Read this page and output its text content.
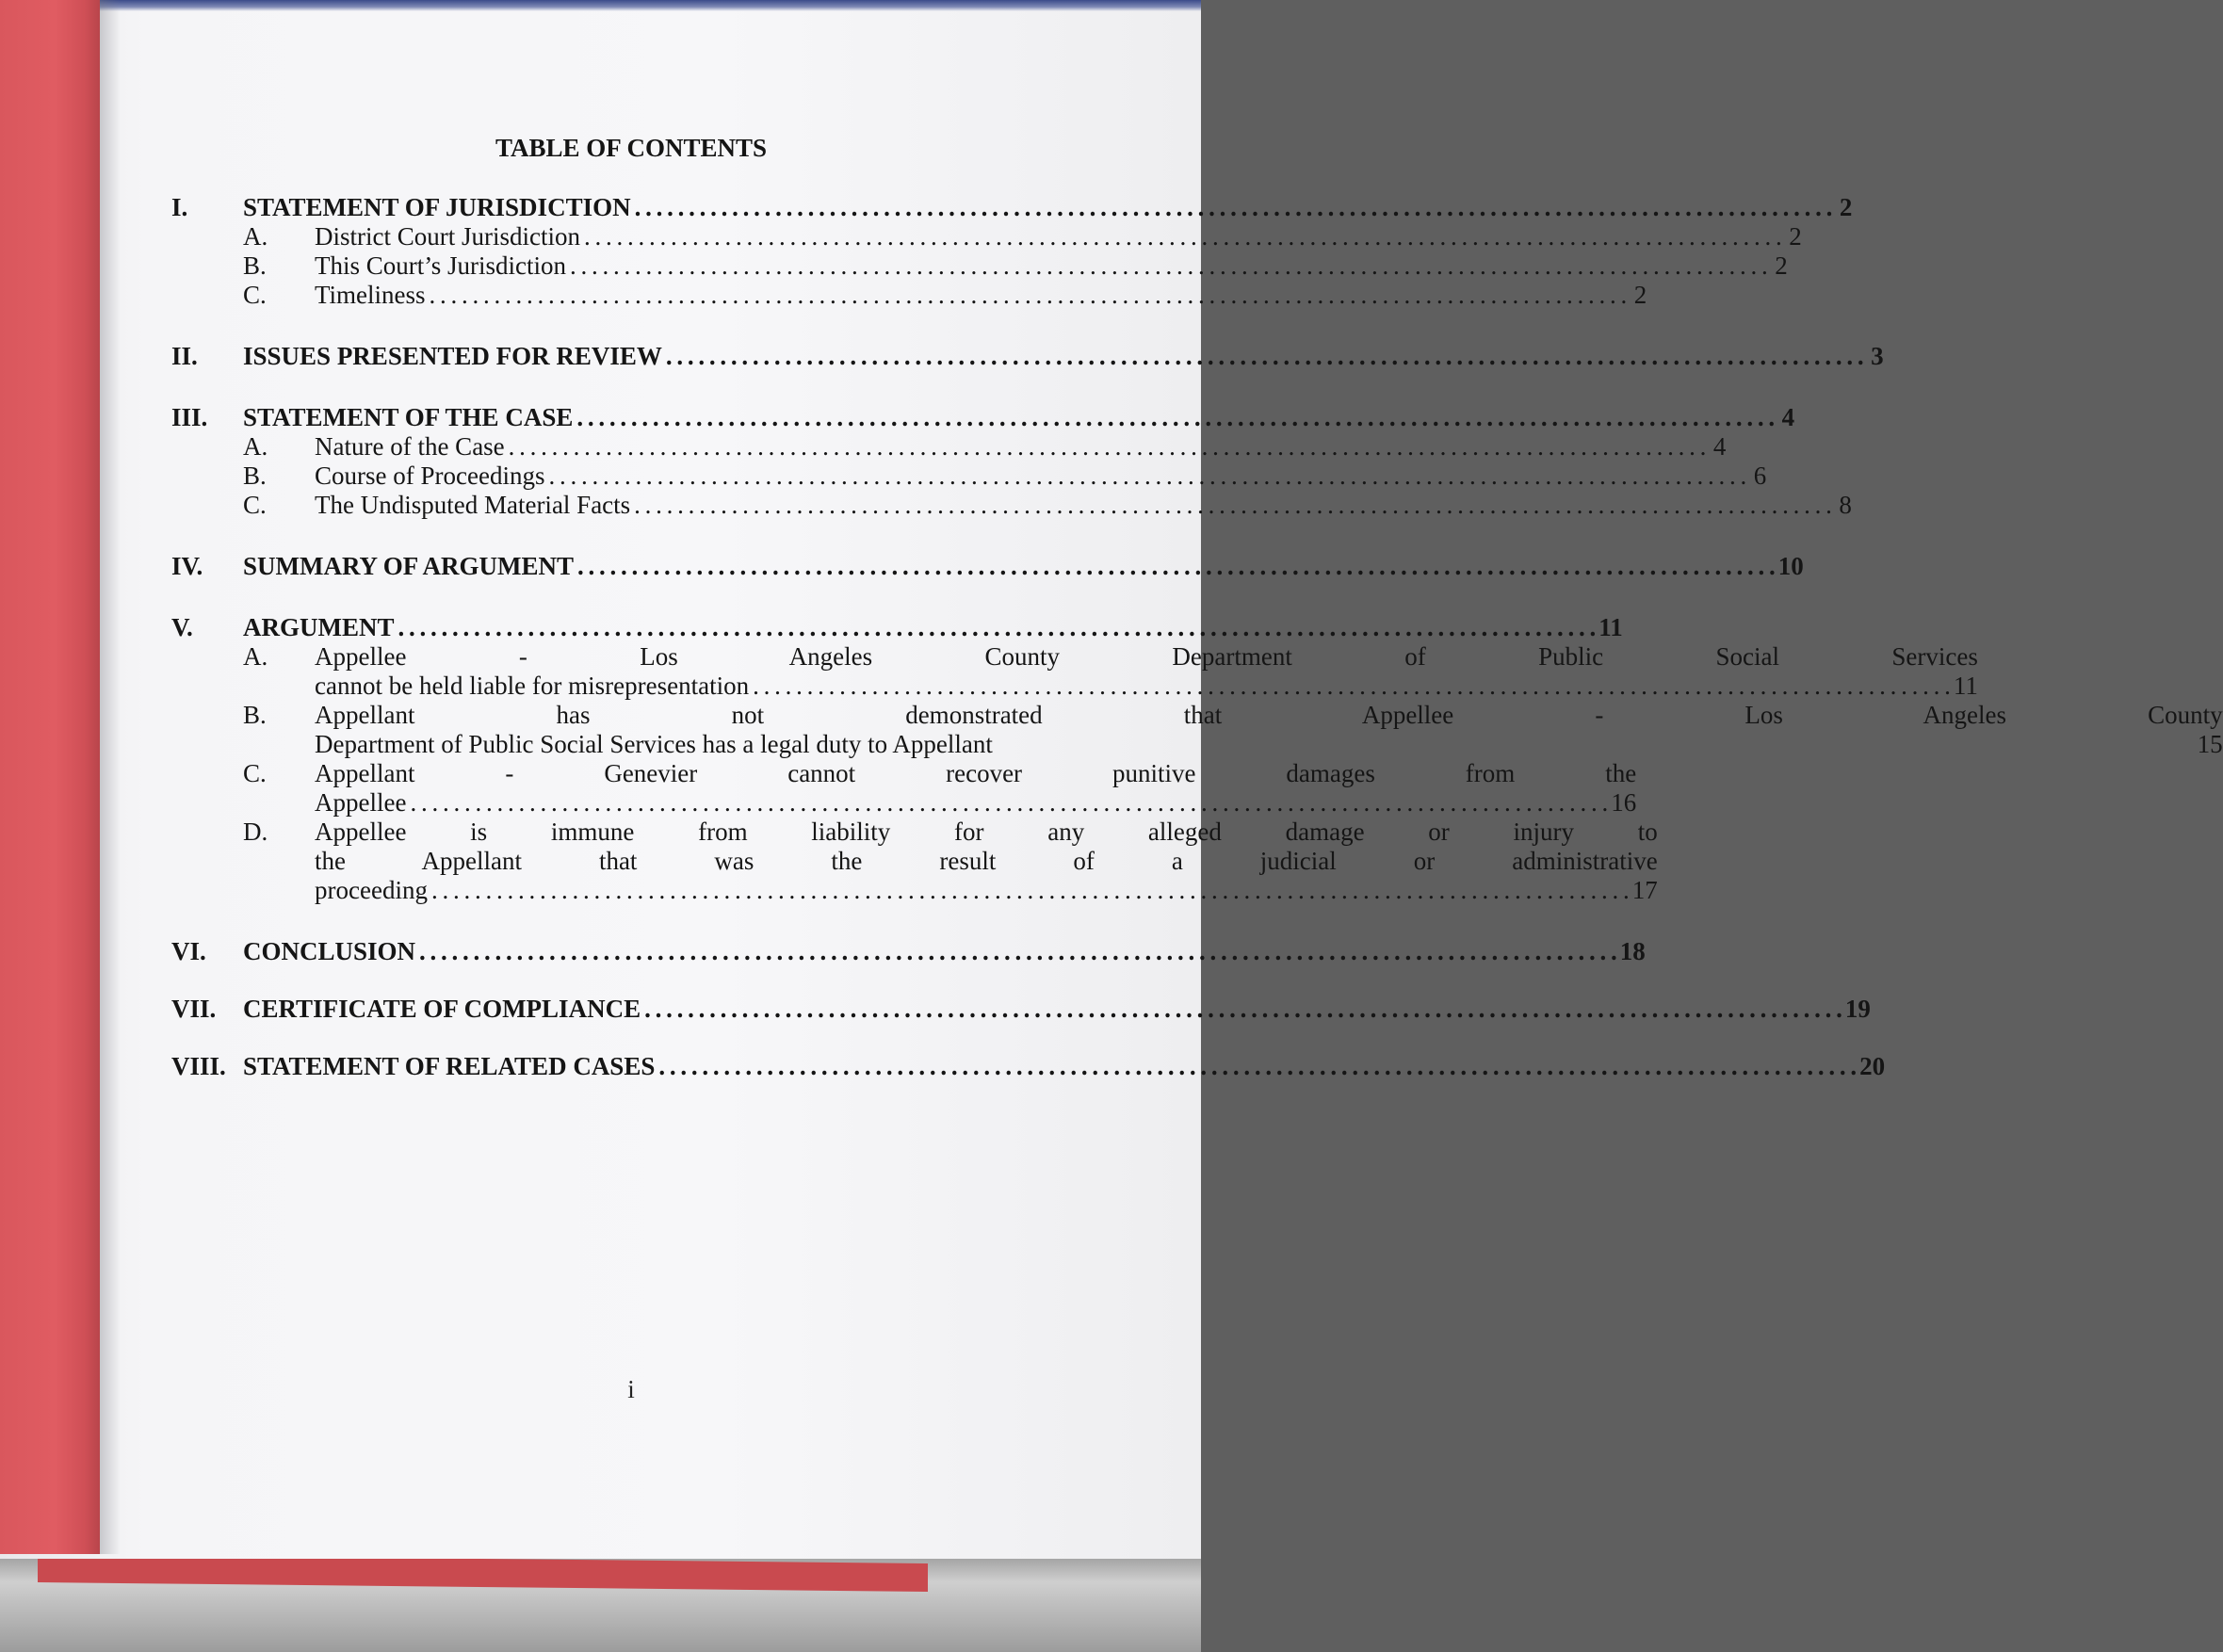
TABLE OF CONTENTS
I.	STATEMENT OF JURISDICTION . . .	2
A.	District Court Jurisdiction . . .	2
B.	This Court’s Jurisdiction . . .	2
C.	Timeliness . . .	2
II.	ISSUES PRESENTED FOR REVIEW . . .	3
III.	STATEMENT OF THE CASE . . .	4
A.	Nature of the Case . . .	4
B.	Course of Proceedings . . .	6
C.	The Undisputed Material Facts . . .	8
IV.	SUMMARY OF ARGUMENT . . .	10
V.	ARGUMENT . . .	11
A.	Appellee - Los Angeles County Department of Public Social Services
cannot be held liable for misrepresentation . . .	11
B.	Appellant has not demonstrated that Appellee - Los Angeles County
Department of Public Social Services has a legal duty to Appellant	15
C.	Appellant - Genevier cannot recover punitive damages from the
Appellee . . .	16
D.	Appellee is immune from liability for any alleged damage or injury to
the Appellant that was the result of a judicial or administrative
proceeding . . .	17
VI.	CONCLUSION . . .	18
VII.	CERTIFICATE OF COMPLIANCE . . .	19
VIII. STATEMENT OF RELATED CASES . . .	20
i
